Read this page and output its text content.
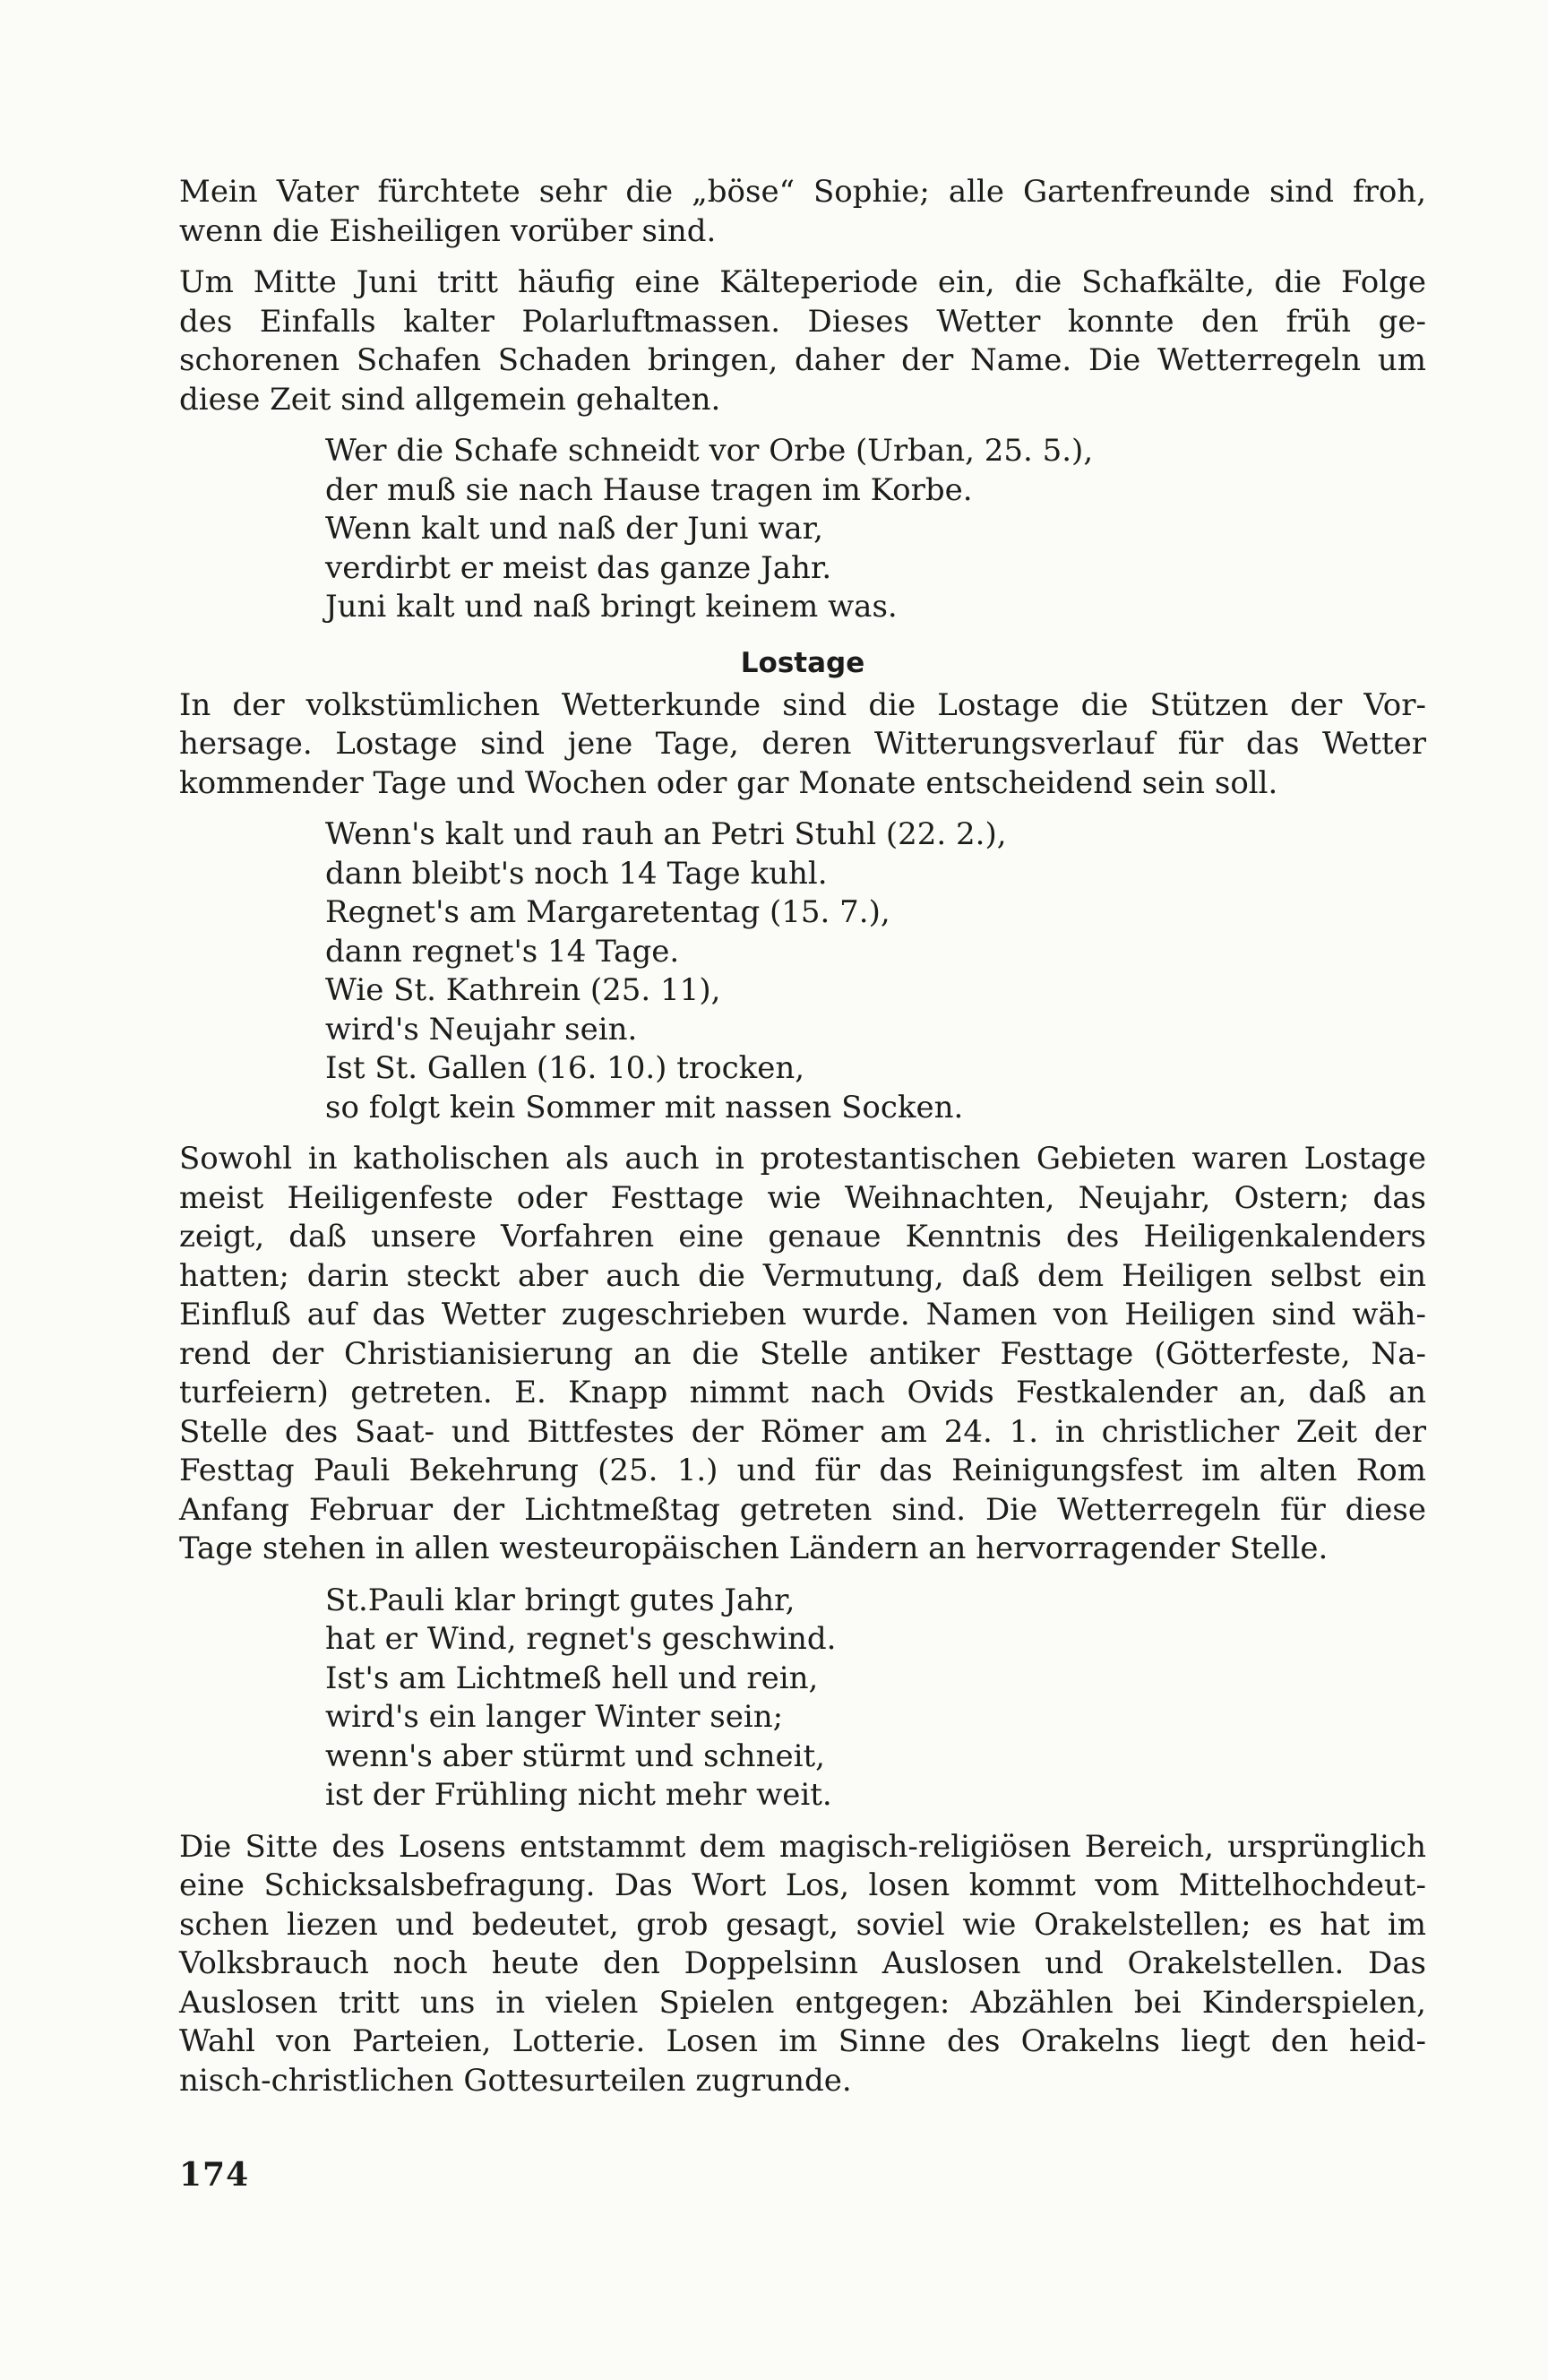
Mein Vater fürchtete sehr die „böse“ Sophie; alle Gartenfreunde sind froh,
wenn die Eisheiligen vorüber sind.

Um Mitte Juni tritt häufig eine Kälteperiode ein, die Schafkälte, die Folge
des Einfalls kalter Polarluftmassen. Dieses Wetter konnte den früh ge-
schorenen Schafen Schaden bringen, daher der Name. Die Wetterregeln um
diese Zeit sind allgemein gehalten.

Wer die Schafe schneidt vor Orbe (Urban, 25. 5.),
der muß sie nach Hause tragen im Korbe.
Wenn kalt und naß der Juni war,
verdirbt er meist das ganze Jahr.
Juni kalt und naß bringt keinem was.
Lostage

In der volkstümlichen Wetterkunde sind die Lostage die Stützen der Vor-
hersage. Lostage sind jene Tage, deren Witterungsverlauf für das Wetter
kommender Tage und Wochen oder gar Monate entscheidend sein soll.

Wenn's kalt und rauh an Petri Stuhl (22. 2.),
dann bleibt's noch 14 Tage kuhl.
Regnet's am Margaretentag (15. 7.),
dann regnet's 14 Tage.
Wie St. Kathrein (25. 11),
wird's Neujahr sein.
Ist St. Gallen (16. 10.) trocken,
so folgt kein Sommer mit nassen Socken.

Sowohl in katholischen als auch in protestantischen Gebieten waren Lostage
meist Heiligenfeste oder Festtage wie Weihnachten, Neujahr, Ostern; das
zeigt, daß unsere Vorfahren eine genaue Kenntnis des Heiligenkalenders
hatten; darin steckt aber auch die Vermutung, daß dem Heiligen selbst ein
Einfluß auf das Wetter zugeschrieben wurde. Namen von Heiligen sind wäh-
rend der Christianisierung an die Stelle antiker Festtage (Götterfeste, Na-
turfeiern) getreten. E. Knapp nimmt nach Ovids Festkalender an, daß an
Stelle des Saat- und Bittfestes der Römer am 24. 1. in christlicher Zeit der
Festtag Pauli Bekehrung (25. 1.) und für das Reinigungsfest im alten Rom
Anfang Februar der Lichtmeßtag getreten sind. Die Wetterregeln für diese
Tage stehen in allen westeuropäischen Ländern an hervorragender Stelle.

St.Pauli klar bringt gutes Jahr,
hat er Wind, regnet's geschwind.
Ist's am Lichtmeß hell und rein,
wird's ein langer Winter sein;
wenn's aber stürmt und schneit,
ist der Frühling nicht mehr weit.

Die Sitte des Losens entstammt dem magisch-religiösen Bereich, ursprünglich
eine Schicksalsbefragung. Das Wort Los, losen kommt vom Mittelhochdeut-
schen liezen und bedeutet, grob gesagt, soviel wie Orakelstellen; es hat im
Volksbrauch noch heute den Doppelsinn Auslosen und Orakelstellen. Das
Auslosen tritt uns in vielen Spielen entgegen: Abzählen bei Kinderspielen,
Wahl von Parteien, Lotterie. Losen im Sinne des Orakelns liegt den heid-
nisch-christlichen Gottesurteilen zugrunde.

174
